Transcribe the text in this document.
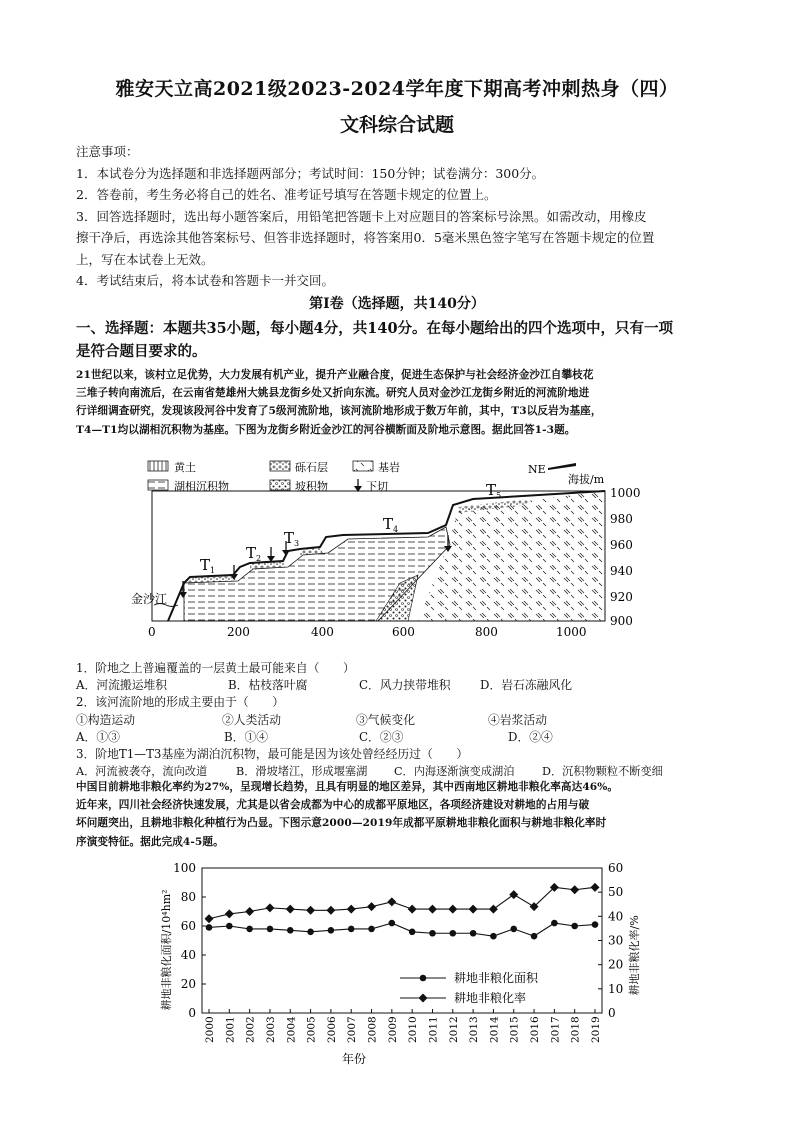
雅安天立高2021级2023-2024学年度下期高考冲刺热身（四）
文科综合试题

注意事项：

1．本试卷分为选择题和非选择题两部分；考试时间：150分钟；试卷满分：300分。

2．答卷前，考生务必将自己的姓名、准考证号填写在答题卡规定的位置上。

3．回答选择题时，选出每小题答案后，用铅笔把答题卡上对应题目的答案标号涂黑。如需改动，用橡皮

擦干净后，再选涂其他答案标号、但答非选择题时，将答案用0．5毫米黑色签字笔写在答题卡规定的位置

上，写在本试卷上无效。

4．考试结束后，将本试卷和答题卡一并交回。

第Ⅰ卷（选择题，共140分）
一、选择题：本题共35小题，每小题4分，共140分。在每小题给出的四个选项中，只有一项
是符合题目要求的。

21世纪以来，该村立足优势，大力发展有机产业，提升产业融合度，促进生态保护与社会经济金沙江自攀枝花

三堆子转向南流后，在云南省楚雄州大姚县龙街乡处又折向东流。研究人员对金沙江龙街乡附近的河流阶地进

行详细调查研究，发现该段河谷中发育了5级河流阶地，该河流阶地形成于数万年前，其中，T3以反岩为基座，

T4—T1均以湖相沉积物为基座。下图为龙街乡附近金沙江的河谷横断面及阶地示意图。据此回答1-3题。

黄土	砾石层	基岩
湖相沉积物	坡积物	下切
NE
海拔/m
金沙江
$T_1$
$T_2$
$T_3$
$T_4$
$T_5$
0	200	400	600	800	1000
1000
980
960
940
920
900
1．阶地之上普遍覆盖的一层黄土最可能来自（　　）
A．河流搬运堆积	B．枯枝落叶腐	C．风力挟带堆积 D．岩石冻融风化
2．该河流阶地的形成主要由于（　　）
①构造运动	②人类活动	③气候变化	④岩浆活动
A．①③	B．①④	C．②③	D．②④
3．阶地T1—T3基座为湖泊沉积物，最可能是因为该处曾经经历过（　　）
A．河流被袭夺，流向改道	B．滑坡堵江，形成堰塞湖 C．内海逐渐演变成湖泊 D．沉积物颗粒不断变细

中国目前耕地非粮化率约为27%，呈现增长趋势，且具有明显的地区差异，其中西南地区耕地非粮化率高达46%。

近年来，四川社会经济快速发展，尤其是以省会成都为中心的成都平原地区，各项经济建设对耕地的占用与破

坏问题突出，且耕地非粮化种植行为凸显。下图示意2000—2019年成都平原耕地非粮化面积与耕地非粮化率时

序演变特征。据此完成4-5题。

0
20
40
60
80
100
0
10
20
30
40
50
60
2000 2001 2002 2003 2004 2005 2006 2007 2008 2009 2010 2011 2012 2013 2014 2015 2016 2017 2018 2019
耕地非粮化面积/10⁴hm²	耕地非粮化率/%
年份
耕地非粮化面积
耕地非粮化率
